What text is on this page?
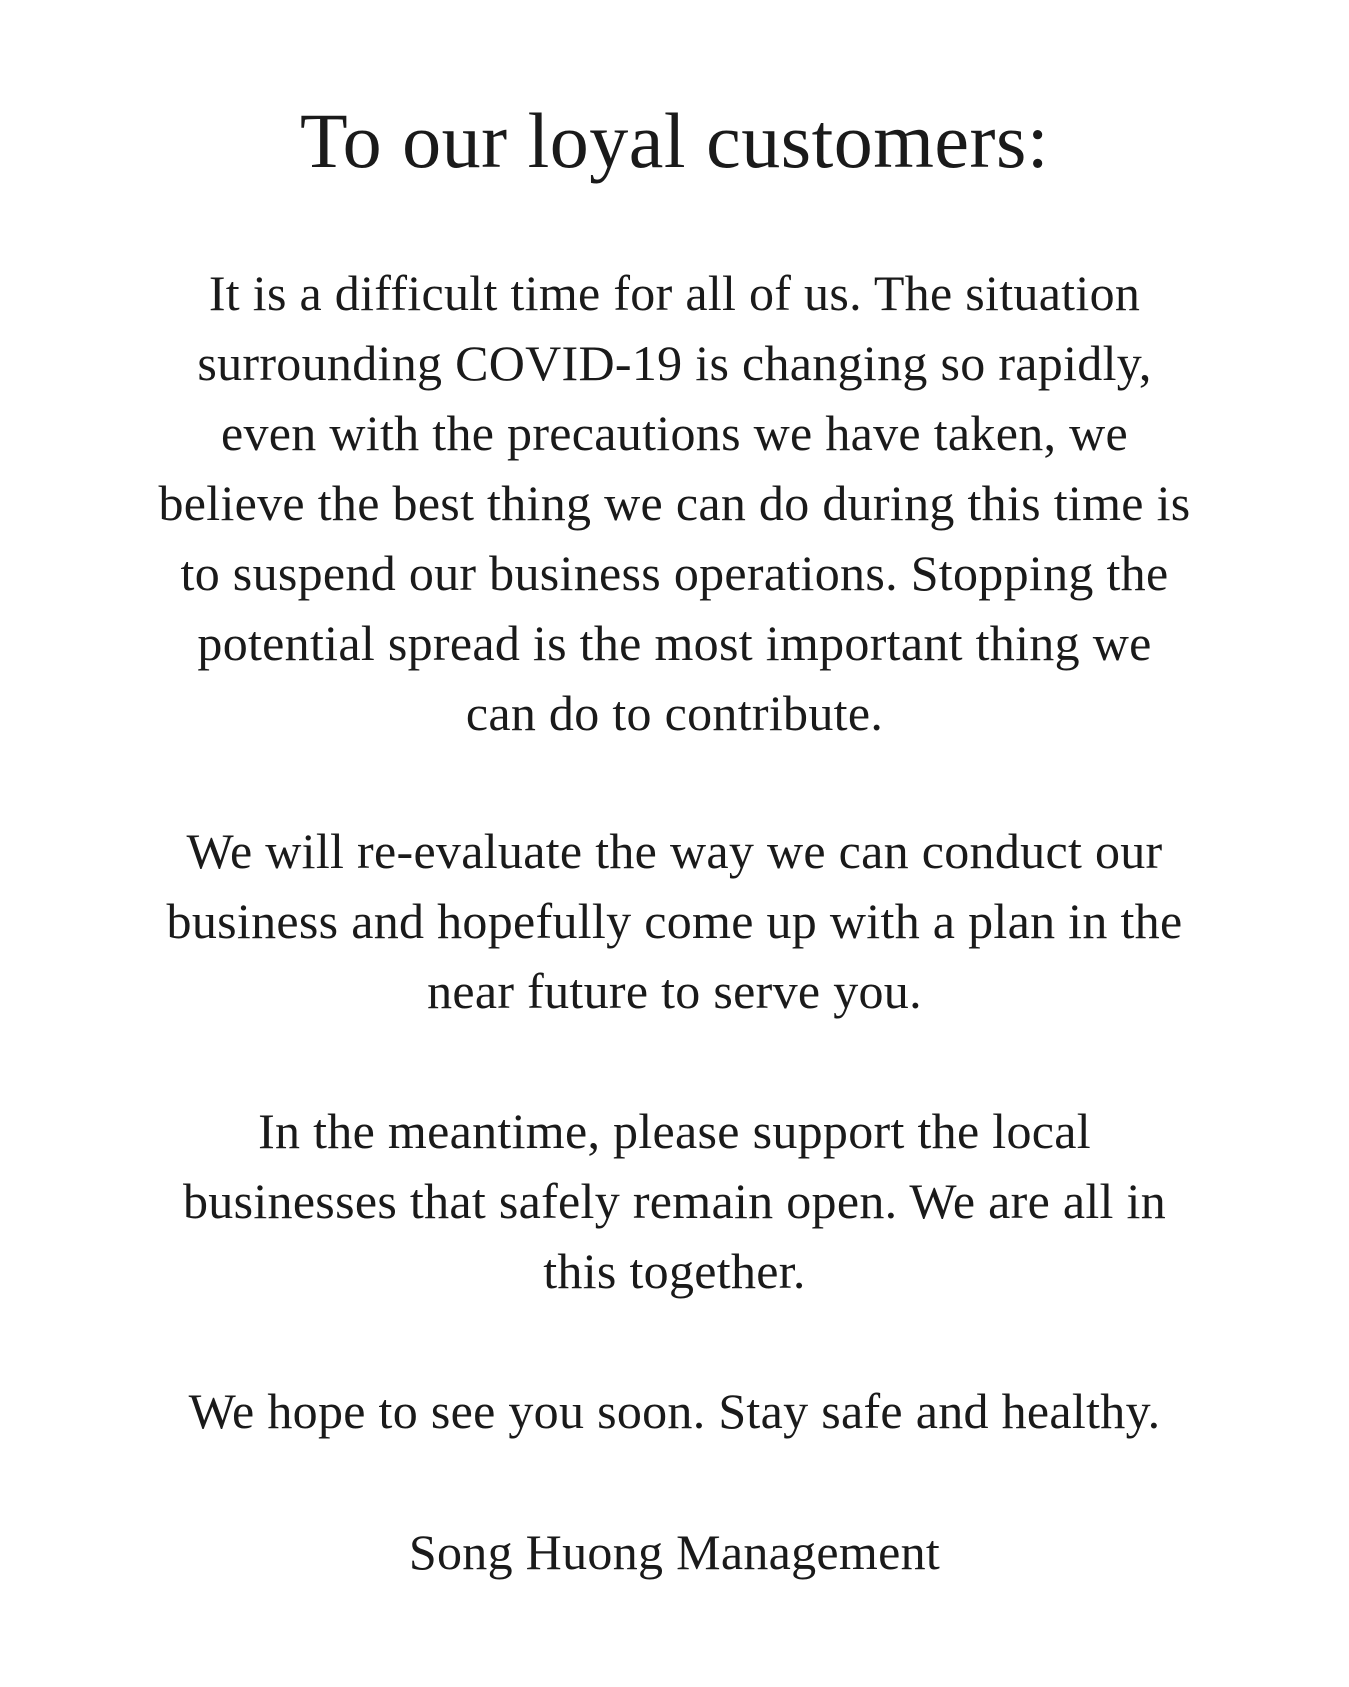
To our loyal customers:

It is a difficult time for all of us. The situation
surrounding COVID-19 is changing so rapidly,
even with the precautions we have taken, we
believe the best thing we can do during this time is
to suspend our business operations. Stopping the
potential spread is the most important thing we
can do to contribute.

We will re-evaluate the way we can conduct our
business and hopefully come up with a plan in the
near future to serve you.

In the meantime, please support the local
businesses that safely remain open. We are all in
this together.

We hope to see you soon. Stay safe and healthy.

Song Huong Management
